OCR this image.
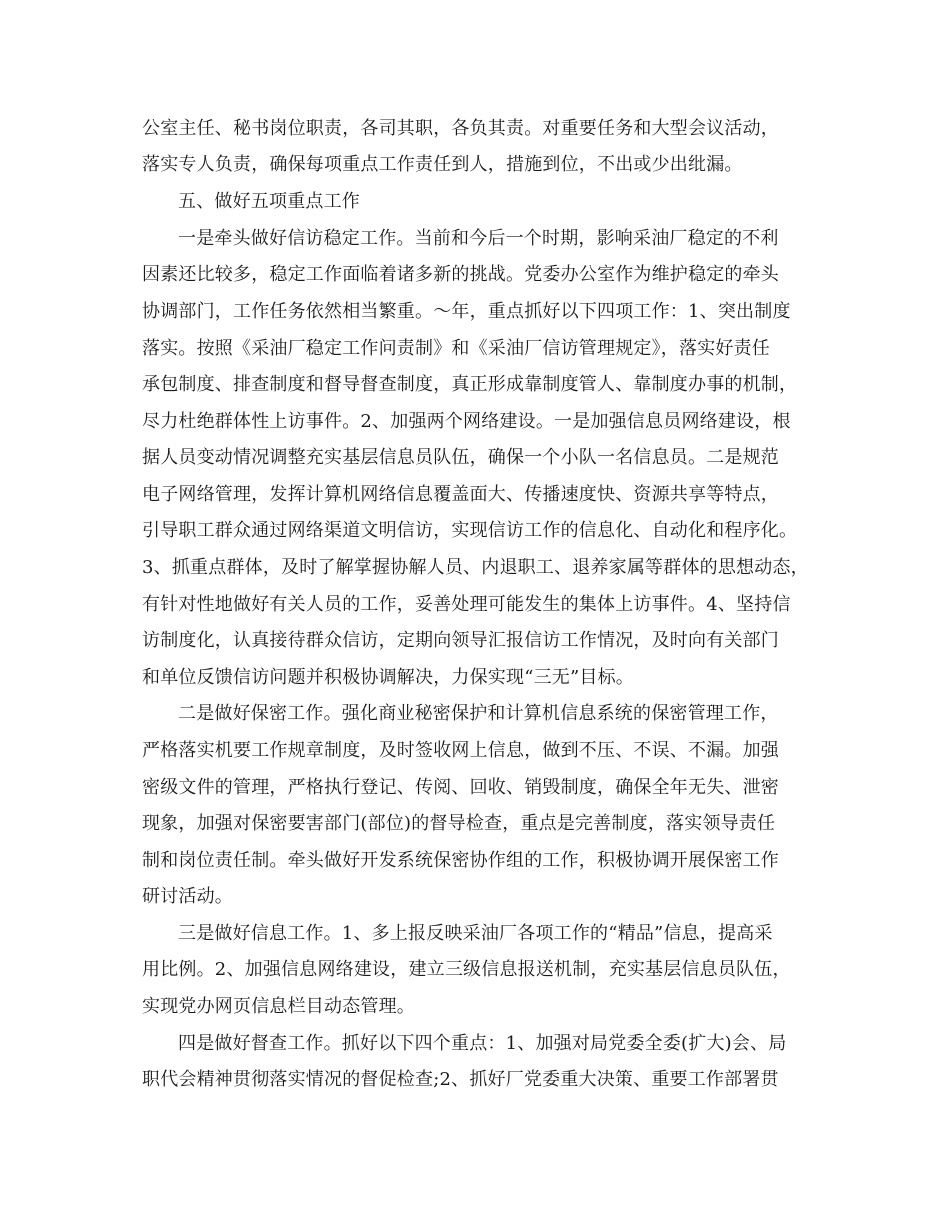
公室主任、秘书岗位职责，各司其职，各负其责。对重要任务和大型会议活动，
落实专人负责，确保每项重点工作责任到人，措施到位，不出或少出纰漏。
五、做好五项重点工作
一是牵头做好信访稳定工作。当前和今后一个时期，影响采油厂稳定的不利
因素还比较多，稳定工作面临着诸多新的挑战。党委办公室作为维护稳定的牵头
协调部门，工作任务依然相当繁重。～年，重点抓好以下四项工作：1、突出制度
落实。按照《采油厂稳定工作问责制》和《采油厂信访管理规定》，落实好责任
承包制度、排查制度和督导督查制度，真正形成靠制度管人、靠制度办事的机制，
尽力杜绝群体性上访事件。2、加强两个网络建设。一是加强信息员网络建设，根
据人员变动情况调整充实基层信息员队伍，确保一个小队一名信息员。二是规范
电子网络管理，发挥计算机网络信息覆盖面大、传播速度快、资源共享等特点，
引导职工群众通过网络渠道文明信访，实现信访工作的信息化、自动化和程序化。
3、抓重点群体，及时了解掌握协解人员、内退职工、退养家属等群体的思想动态，
有针对性地做好有关人员的工作，妥善处理可能发生的集体上访事件。4、坚持信
访制度化，认真接待群众信访，定期向领导汇报信访工作情况，及时向有关部门
和单位反馈信访问题并积极协调解决，力保实现“三无”目标。
二是做好保密工作。强化商业秘密保护和计算机信息系统的保密管理工作，
严格落实机要工作规章制度，及时签收网上信息，做到不压、不误、不漏。加强
密级文件的管理，严格执行登记、传阅、回收、销毁制度，确保全年无失、泄密
现象，加强对保密要害部门(部位)的督导检查，重点是完善制度，落实领导责任
制和岗位责任制。牵头做好开发系统保密协作组的工作，积极协调开展保密工作
研讨活动。
三是做好信息工作。1、多上报反映采油厂各项工作的“精品”信息，提高采
用比例。2、加强信息网络建设，建立三级信息报送机制，充实基层信息员队伍，
实现党办网页信息栏目动态管理。
四是做好督查工作。抓好以下四个重点：1、加强对局党委全委(扩大)会、局
职代会精神贯彻落实情况的督促检查;2、抓好厂党委重大决策、重要工作部署贯
